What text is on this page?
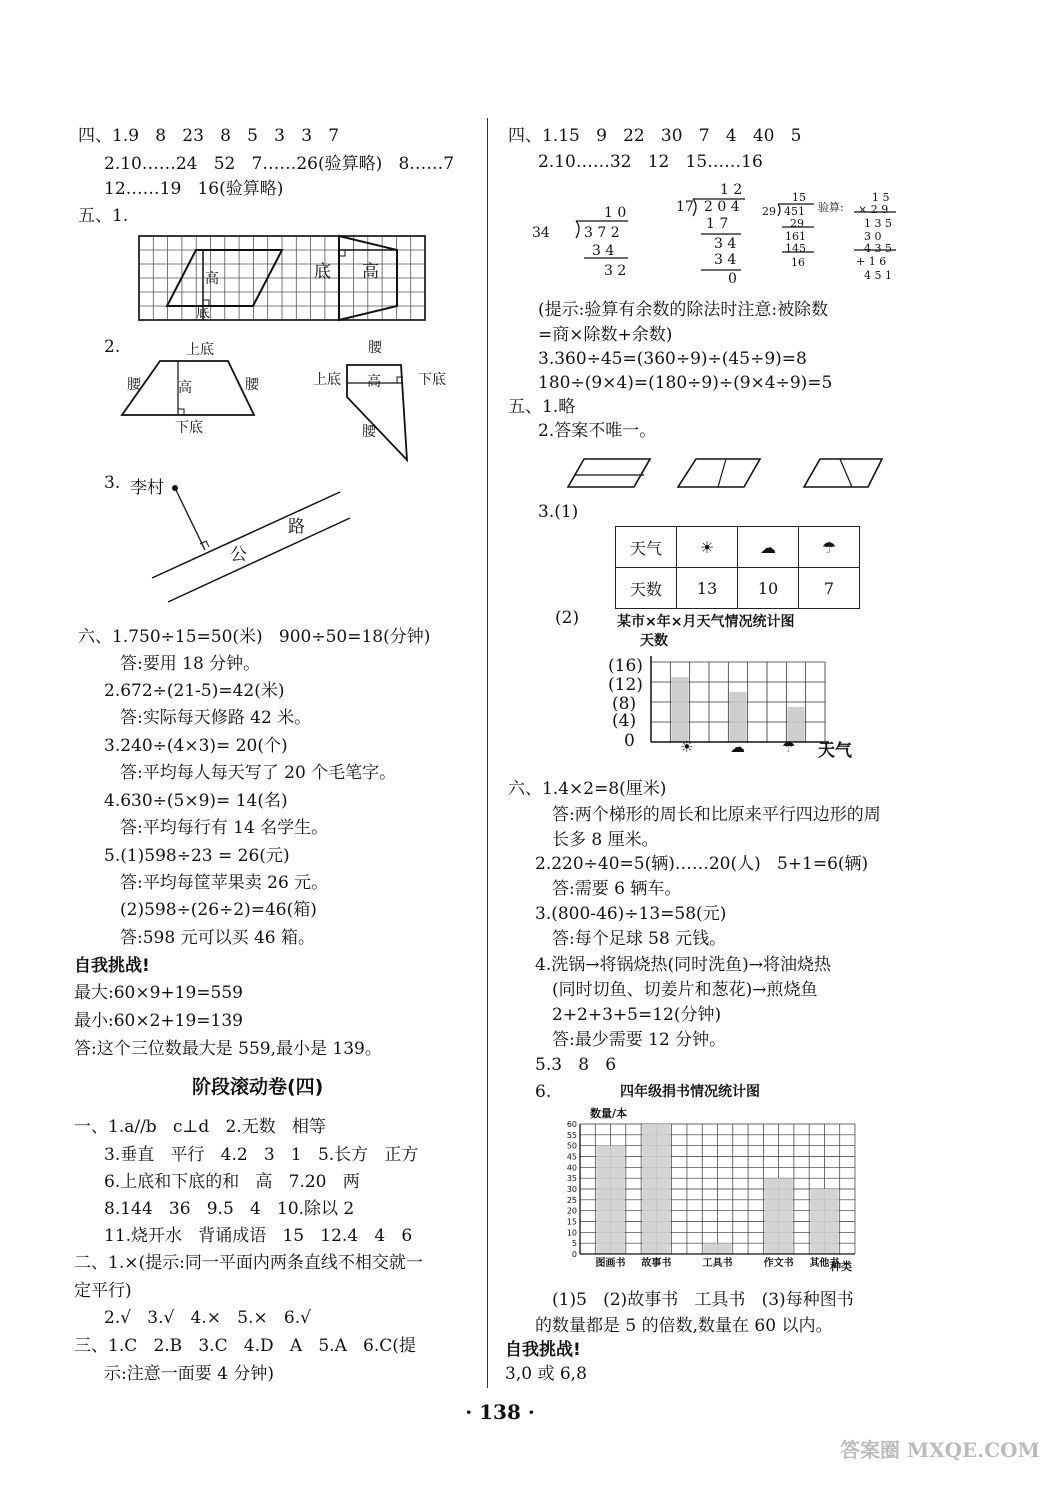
四、1.9   8   23   8   5   3   3   7
2.10……24   52   7……26(验算略)   8……7
12……19   16(验算略)
五、1.
高
底
底 高
2.	上底
腰	高	腰
下底
腰
上底 高	下底
腰
3. 李村
公
路
六、1.750÷15=50(米)   900÷50=18(分钟)
答:要用 18 分钟。
2.672÷(21-5)=42(米)
答:实际每天修路 42 米。
3.240÷(4×3)= 20(个)
答:平均每人每天写了 20 个毛笔字。
4.630÷(5×9)= 14(名)
答:平均每行有 14 名学生。
5.(1)598÷23 = 26(元)
答:平均每筐苹果卖 26 元。
(2)598÷(26÷2)=46(箱)
答:598 元可以买 46 箱。
自我挑战!
最大:60×9+19=559
最小:60×2+19=139
答:这个三位数最大是 559,最小是 139。
阶段滚动卷(四)
一、1.a//b   c⊥d   2.无数   相等
3.垂直   平行   4.2   3   1   5.长方   正方
6.上底和下底的和   高   7.20   两
8.144   36   9.5   4   10.除以 2
11.烧开水   背诵成语   15   12.4   4   6
二、1.×(提示:同一平面内两条直线不相交就一
定平行)
2.√   3.√   4.×   5.×   6.√
三、1.C   2.B   3.C   4.D   A   5.A   6.C(提
示:注意一面要 4 分钟)
四、1.15   9   22   30   7   4   40   5
2.10……32   12   15……16
1 0
34 3 7 2
3 4
3 2
1 2
17 2 0 4
1 7
3 4
3 4
0
15
29 451
29
161
145
16
验算:
1 5
× 2 9
1 3 5
3 0
4 3 5
+ 1 6
4 5 1
(提示:验算有余数的除法时注意:被除数
=商×除数+余数)
3.360÷45=(360÷9)÷(45÷9)=8
180÷(9×4)=(180÷9)÷(9×4÷9)=5
五、1.略
2.答案不唯一。
3.(1)
天气	☀	☁	☂
天数	13	10	7
(2)	某市×年×月天气情况统计图
天数
(16)
(12)
(8)
(4)
0	☀ ☁ ☂ 天气
六、1.4×2=8(厘米)
答:两个梯形的周长和比原来平行四边形的周
长多 8 厘米。
2.220÷40=5(辆)……20(人)   5+1=6(辆)
答:需要 6 辆车。
3.(800-46)÷13=58(元)
答:每个足球 58 元钱。
4.洗锅→将锅烧热(同时洗鱼)→将油烧热
(同时切鱼、切姜片和葱花)→煎烧鱼
2+2+3+5=12(分钟)
答:最少需要 12 分钟。
5.3   8   6
6.	四年级捐书情况统计图
数量/本
60
55
50
45
40
35
30
25
20
15
10
5
0
图画书 故事书	工具书	作文书 其他书
种类
(1)5   (2)故事书   工具书   (3)每种图书
的数量都是 5 的倍数,数量在 60 以内。
自我挑战!
3,0 或 6,8
· 138 ·
答案圈 MXQE.COM
